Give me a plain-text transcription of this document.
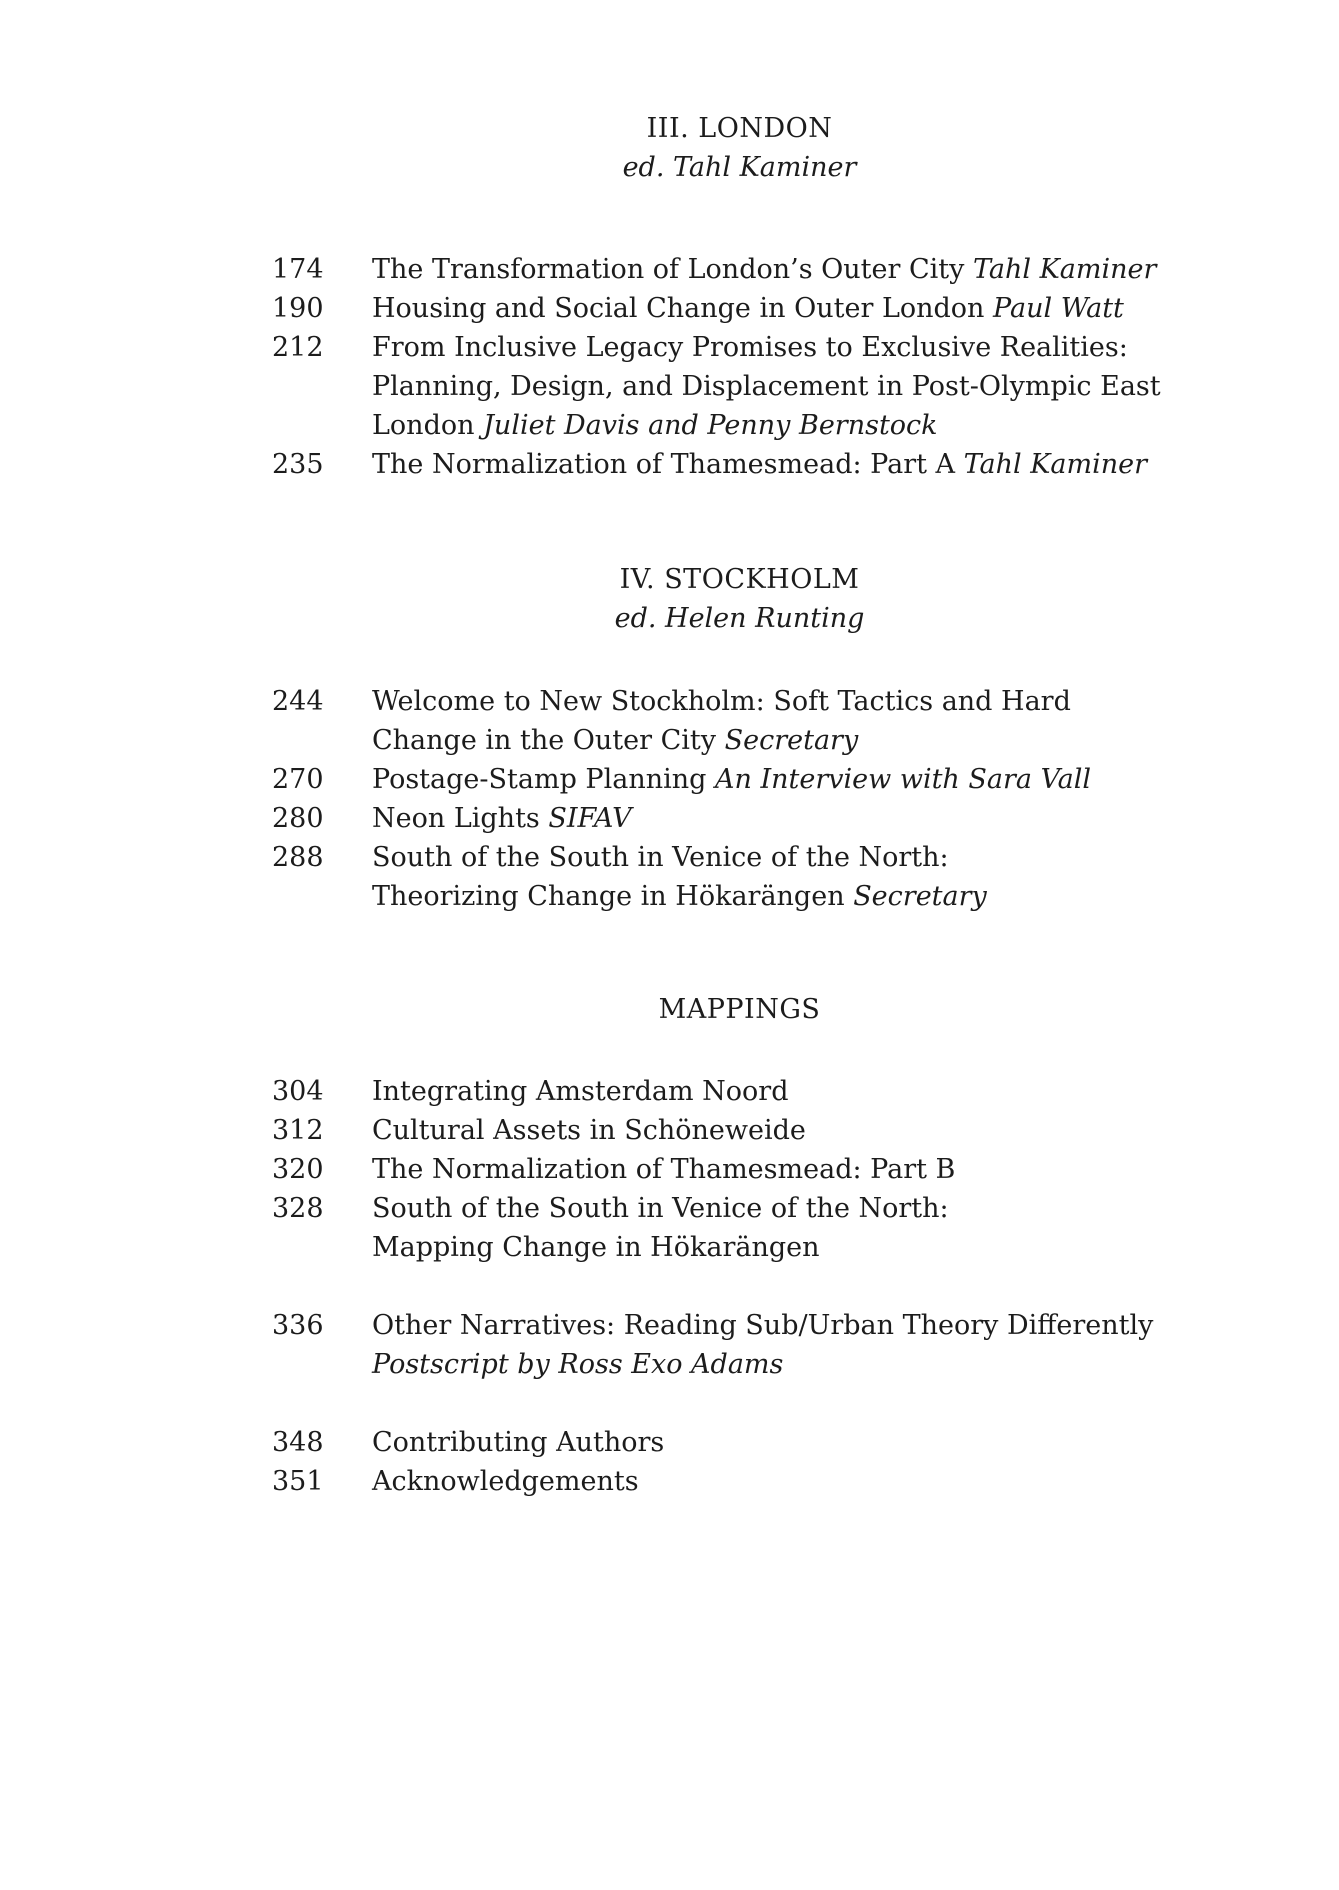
III. LONDON
ed. Tahl Kaminer
174	The Transformation of London’s Outer City Tahl Kaminer
190	Housing and Social Change in Outer London Paul Watt
212	From Inclusive Legacy Promises to Exclusive Realities: Planning, Design, and Displacement in Post-Olympic East London Juliet Davis and Penny Bernstock
235	The Normalization of Thamesmead: Part A Tahl Kaminer
IV. STOCKHOLM
ed. Helen Runting
244	Welcome to New Stockholm: Soft Tactics and Hard Change in the Outer City Secretary
270	Postage-Stamp Planning An Interview with Sara Vall
280	Neon Lights SIFAV
288	South of the South in Venice of the North: Theorizing Change in Hökarängen Secretary
MAPPINGS
304	Integrating Amsterdam Noord
312	Cultural Assets in Schöneweide
320	The Normalization of Thamesmead: Part B
328	South of the South in Venice of the North: Mapping Change in Hökarängen
336	Other Narratives: Reading Sub/Urban Theory Differently
Postscript by Ross Exo Adams
348	Contributing Authors
351	Acknowledgements
